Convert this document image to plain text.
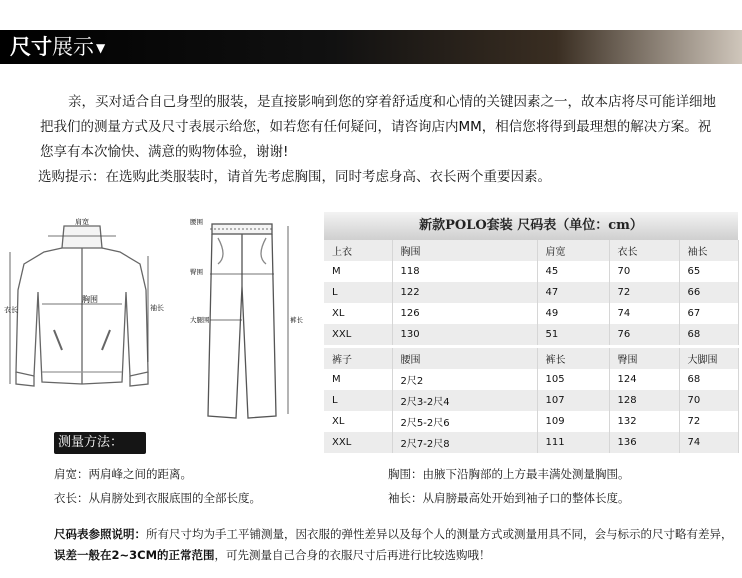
尺寸展示 ▼

亲，买对适合自己身型的服装，是直接影响到您的穿着舒适度和心情的关键因素之一，故本店将尽可能详细地把我们的测量方式及尺寸表展示给您，如若您有任何疑问，请咨询店内MM，相信您将得到最理想的解决方案。祝您享有本次愉快、满意的购物体验，谢谢!

选购提示：在选购此类服装时，请首先考虑胸围，同时考虑身高、衣长两个重要因素。

肩宽
胸围
衣长	袖长
腰围
臀围
大腿围	裤长
新款POLO套装 尺码表（单位：cm）
上衣	胸围	肩宽	衣长	袖长
M	118	45	70	65
L	122	47	72	66
XL	126	49	74	67
XXL	130	51	76	68

裤子	腰围	裤长	臀围	大脚围
M	2尺2	105	124	68
L	2尺3-2尺4	107	128	70
XL	2尺5-2尺6	109	132	72
XXL	2尺7-2尺8	111	136	74
测量方法：
肩宽：两肩峰之间的距离。	胸围：由腋下沿胸部的上方最丰满处测量胸围。
衣长：从肩膀处到衣服底围的全部长度。	袖长：从肩膀最高处开始到袖子口的整体长度。
尺码表参照说明：所有尺寸均为手工平铺测量，因衣服的弹性差异以及每个人的测量方式或测量用具不同，会与标示的尺寸略有差异，误差一般在2~3CM的正常范围，可先测量自己合身的衣服尺寸后再进行比较选购哦！
